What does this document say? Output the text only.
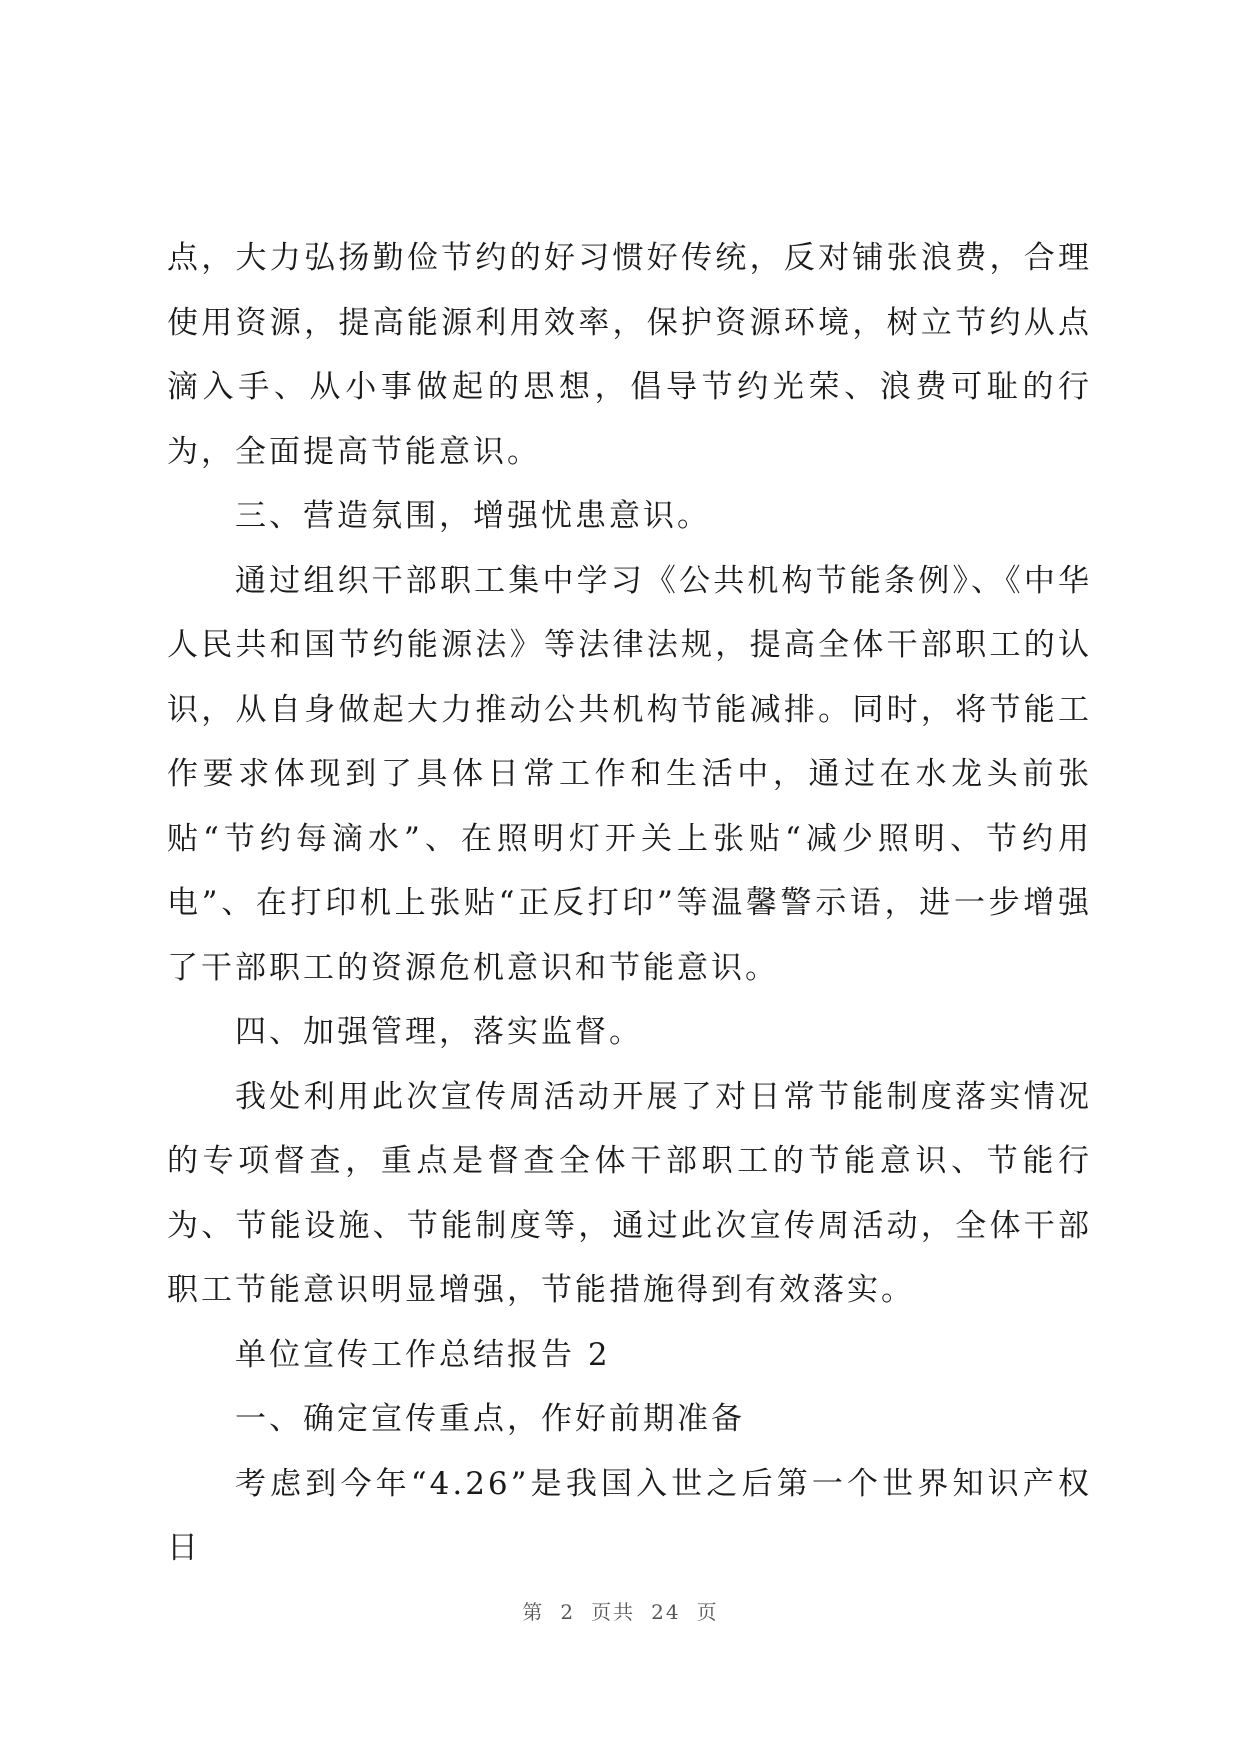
点，大力弘扬勤俭节约的好习惯好传统，反对铺张浪费，合理使用资源，提高能源利用效率，保护资源环境，树立节约从点滴入手、从小事做起的思想，倡导节约光荣、浪费可耻的行为，全面提高节能意识。

三、营造氛围，增强忧患意识。

通过组织干部职工集中学习《公共机构节能条例》、《中华人民共和国节约能源法》等法律法规，提高全体干部职工的认识，从自身做起大力推动公共机构节能减排。同时，将节能工作要求体现到了具体日常工作和生活中，通过在水龙头前张贴“节约每滴水”、在照明灯开关上张贴“减少照明、节约用电”、在打印机上张贴“正反打印”等温馨警示语，进一步增强了干部职工的资源危机意识和节能意识。

四、加强管理，落实监督。

我处利用此次宣传周活动开展了对日常节能制度落实情况的专项督查，重点是督查全体干部职工的节能意识、节能行为、节能设施、节能制度等，通过此次宣传周活动，全体干部职工节能意识明显增强，节能措施得到有效落实。

单位宣传工作总结报告 2

一、确定宣传重点，作好前期准备

考虑到今年“4.26”是我国入世之后第一个世界知识产权日

第 2 页共 24 页
